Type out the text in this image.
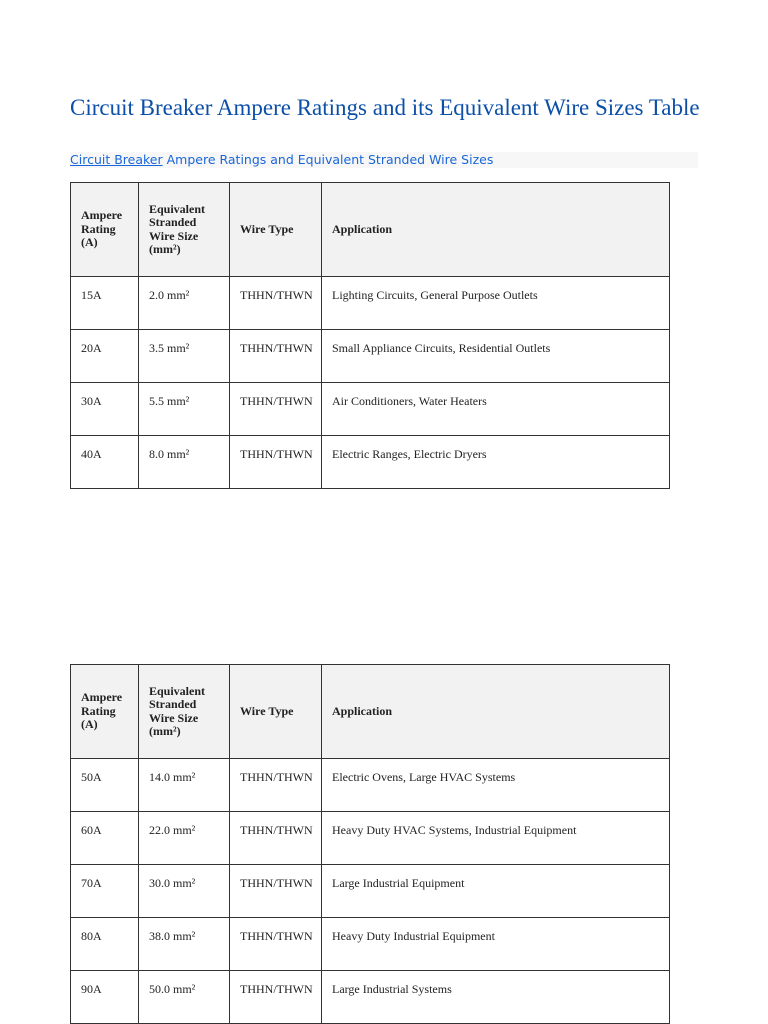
Circuit Breaker Ampere Ratings and its Equivalent Wire Sizes Table
Circuit Breaker Ampere Ratings and Equivalent Stranded Wire Sizes
Ampere Rating (A)	Equivalent Stranded Wire Size (mm²)	Wire Type	Application
15A	2.0 mm²	THHN/THWN	Lighting Circuits, General Purpose Outlets
20A	3.5 mm²	THHN/THWN	Small Appliance Circuits, Residential Outlets
30A	5.5 mm²	THHN/THWN	Air Conditioners, Water Heaters
40A	8.0 mm²	THHN/THWN	Electric Ranges, Electric Dryers
Ampere Rating (A)	Equivalent Stranded Wire Size (mm²)	Wire Type	Application
50A	14.0 mm²	THHN/THWN	Electric Ovens, Large HVAC Systems
60A	22.0 mm²	THHN/THWN	Heavy Duty HVAC Systems, Industrial Equipment
70A	30.0 mm²	THHN/THWN	Large Industrial Equipment
80A	38.0 mm²	THHN/THWN	Heavy Duty Industrial Equipment
90A	50.0 mm²	THHN/THWN	Large Industrial Systems
